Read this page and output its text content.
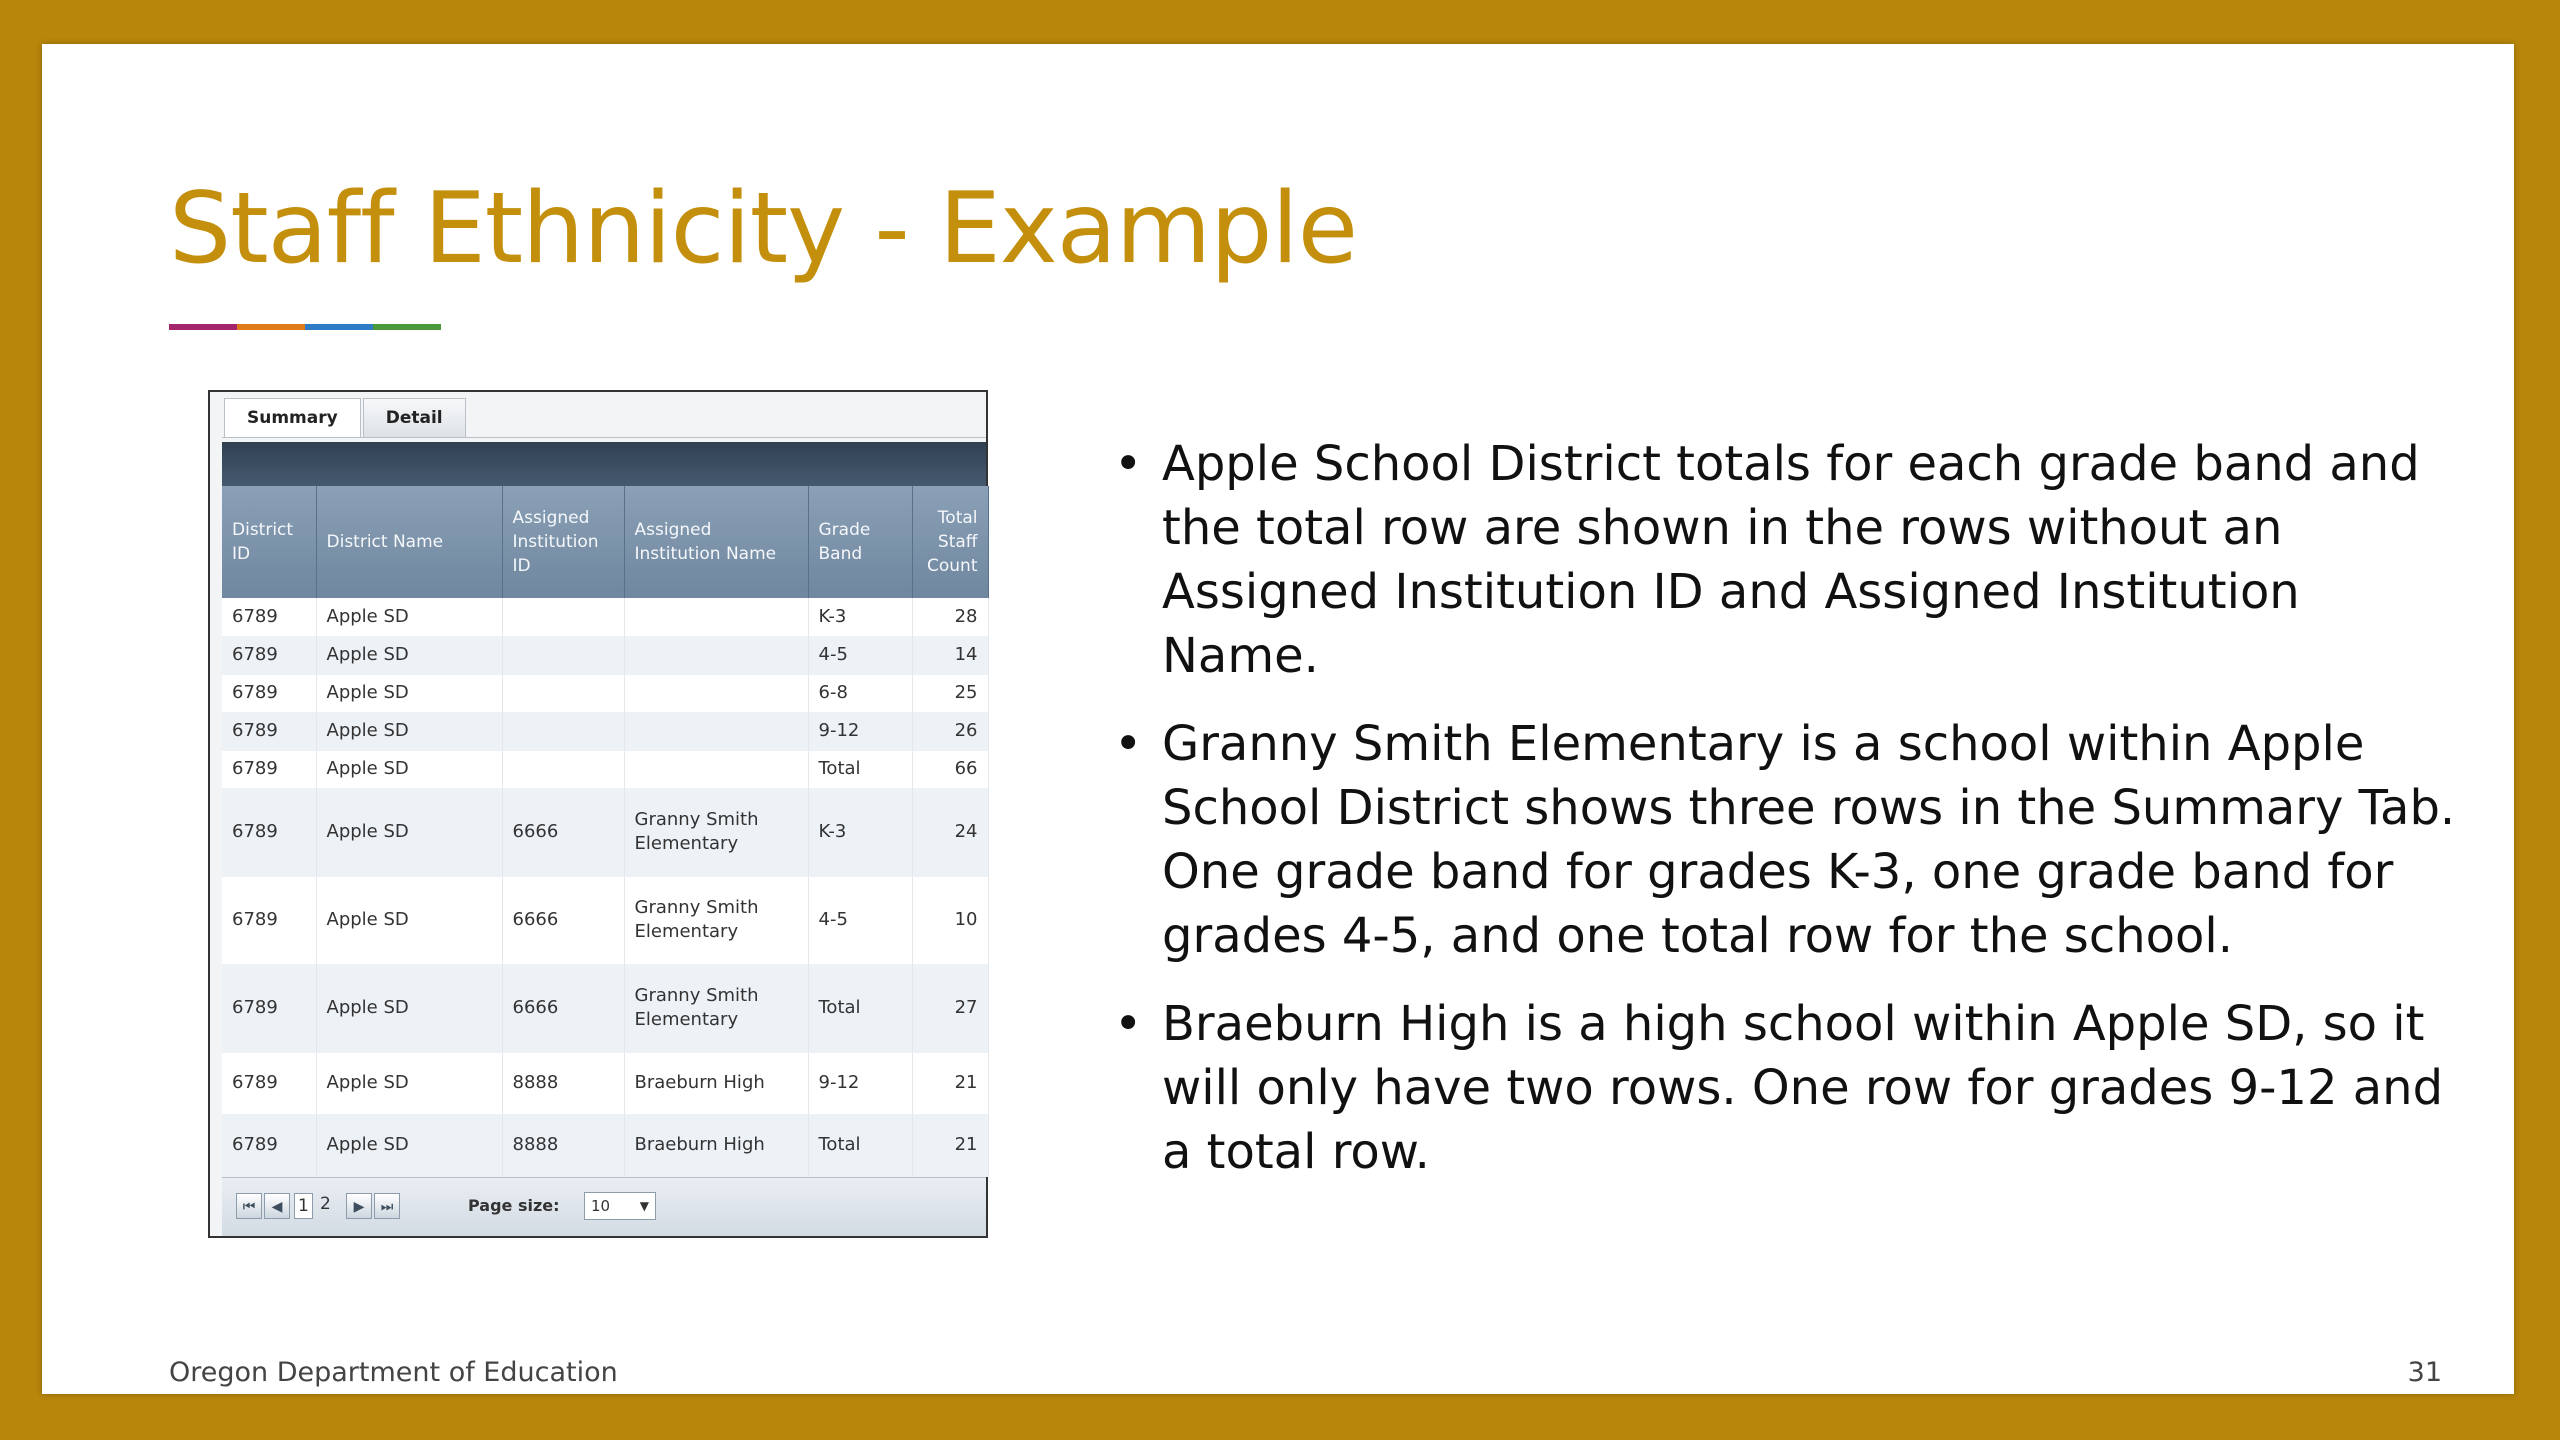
Staff Ethnicity - Example
Summary	Detail
District ID	District Name	Assigned Institution ID	Assigned Institution Name	Grade Band	Total Staff Count
6789	Apple SD			K-3	28
6789	Apple SD			4-5	14
6789	Apple SD			6-8	25
6789	Apple SD			9-12	26
6789	Apple SD			Total	66
6789	Apple SD	6666	Granny Smith Elementary	K-3	24
6789	Apple SD	6666	Granny Smith Elementary	4-5	10
6789	Apple SD	6666	Granny Smith Elementary	Total	27
6789	Apple SD	8888	Braeburn High	9-12	21
6789	Apple SD	8888	Braeburn High	Total	21
⏮	◀ 1 2	▶	⏭	Page size:	10 ▼
• Apple School District totals for each grade band and the total row are shown in the rows without an Assigned Institution ID and Assigned Institution Name.
• Granny Smith Elementary is a school within Apple School District shows three rows in the Summary Tab. One grade band for grades K-3, one grade band for grades 4-5, and one total row for the school.
• Braeburn High is a high school within Apple SD, so it will only have two rows. One row for grades 9-12 and a total row.
Oregon Department of Education	31
